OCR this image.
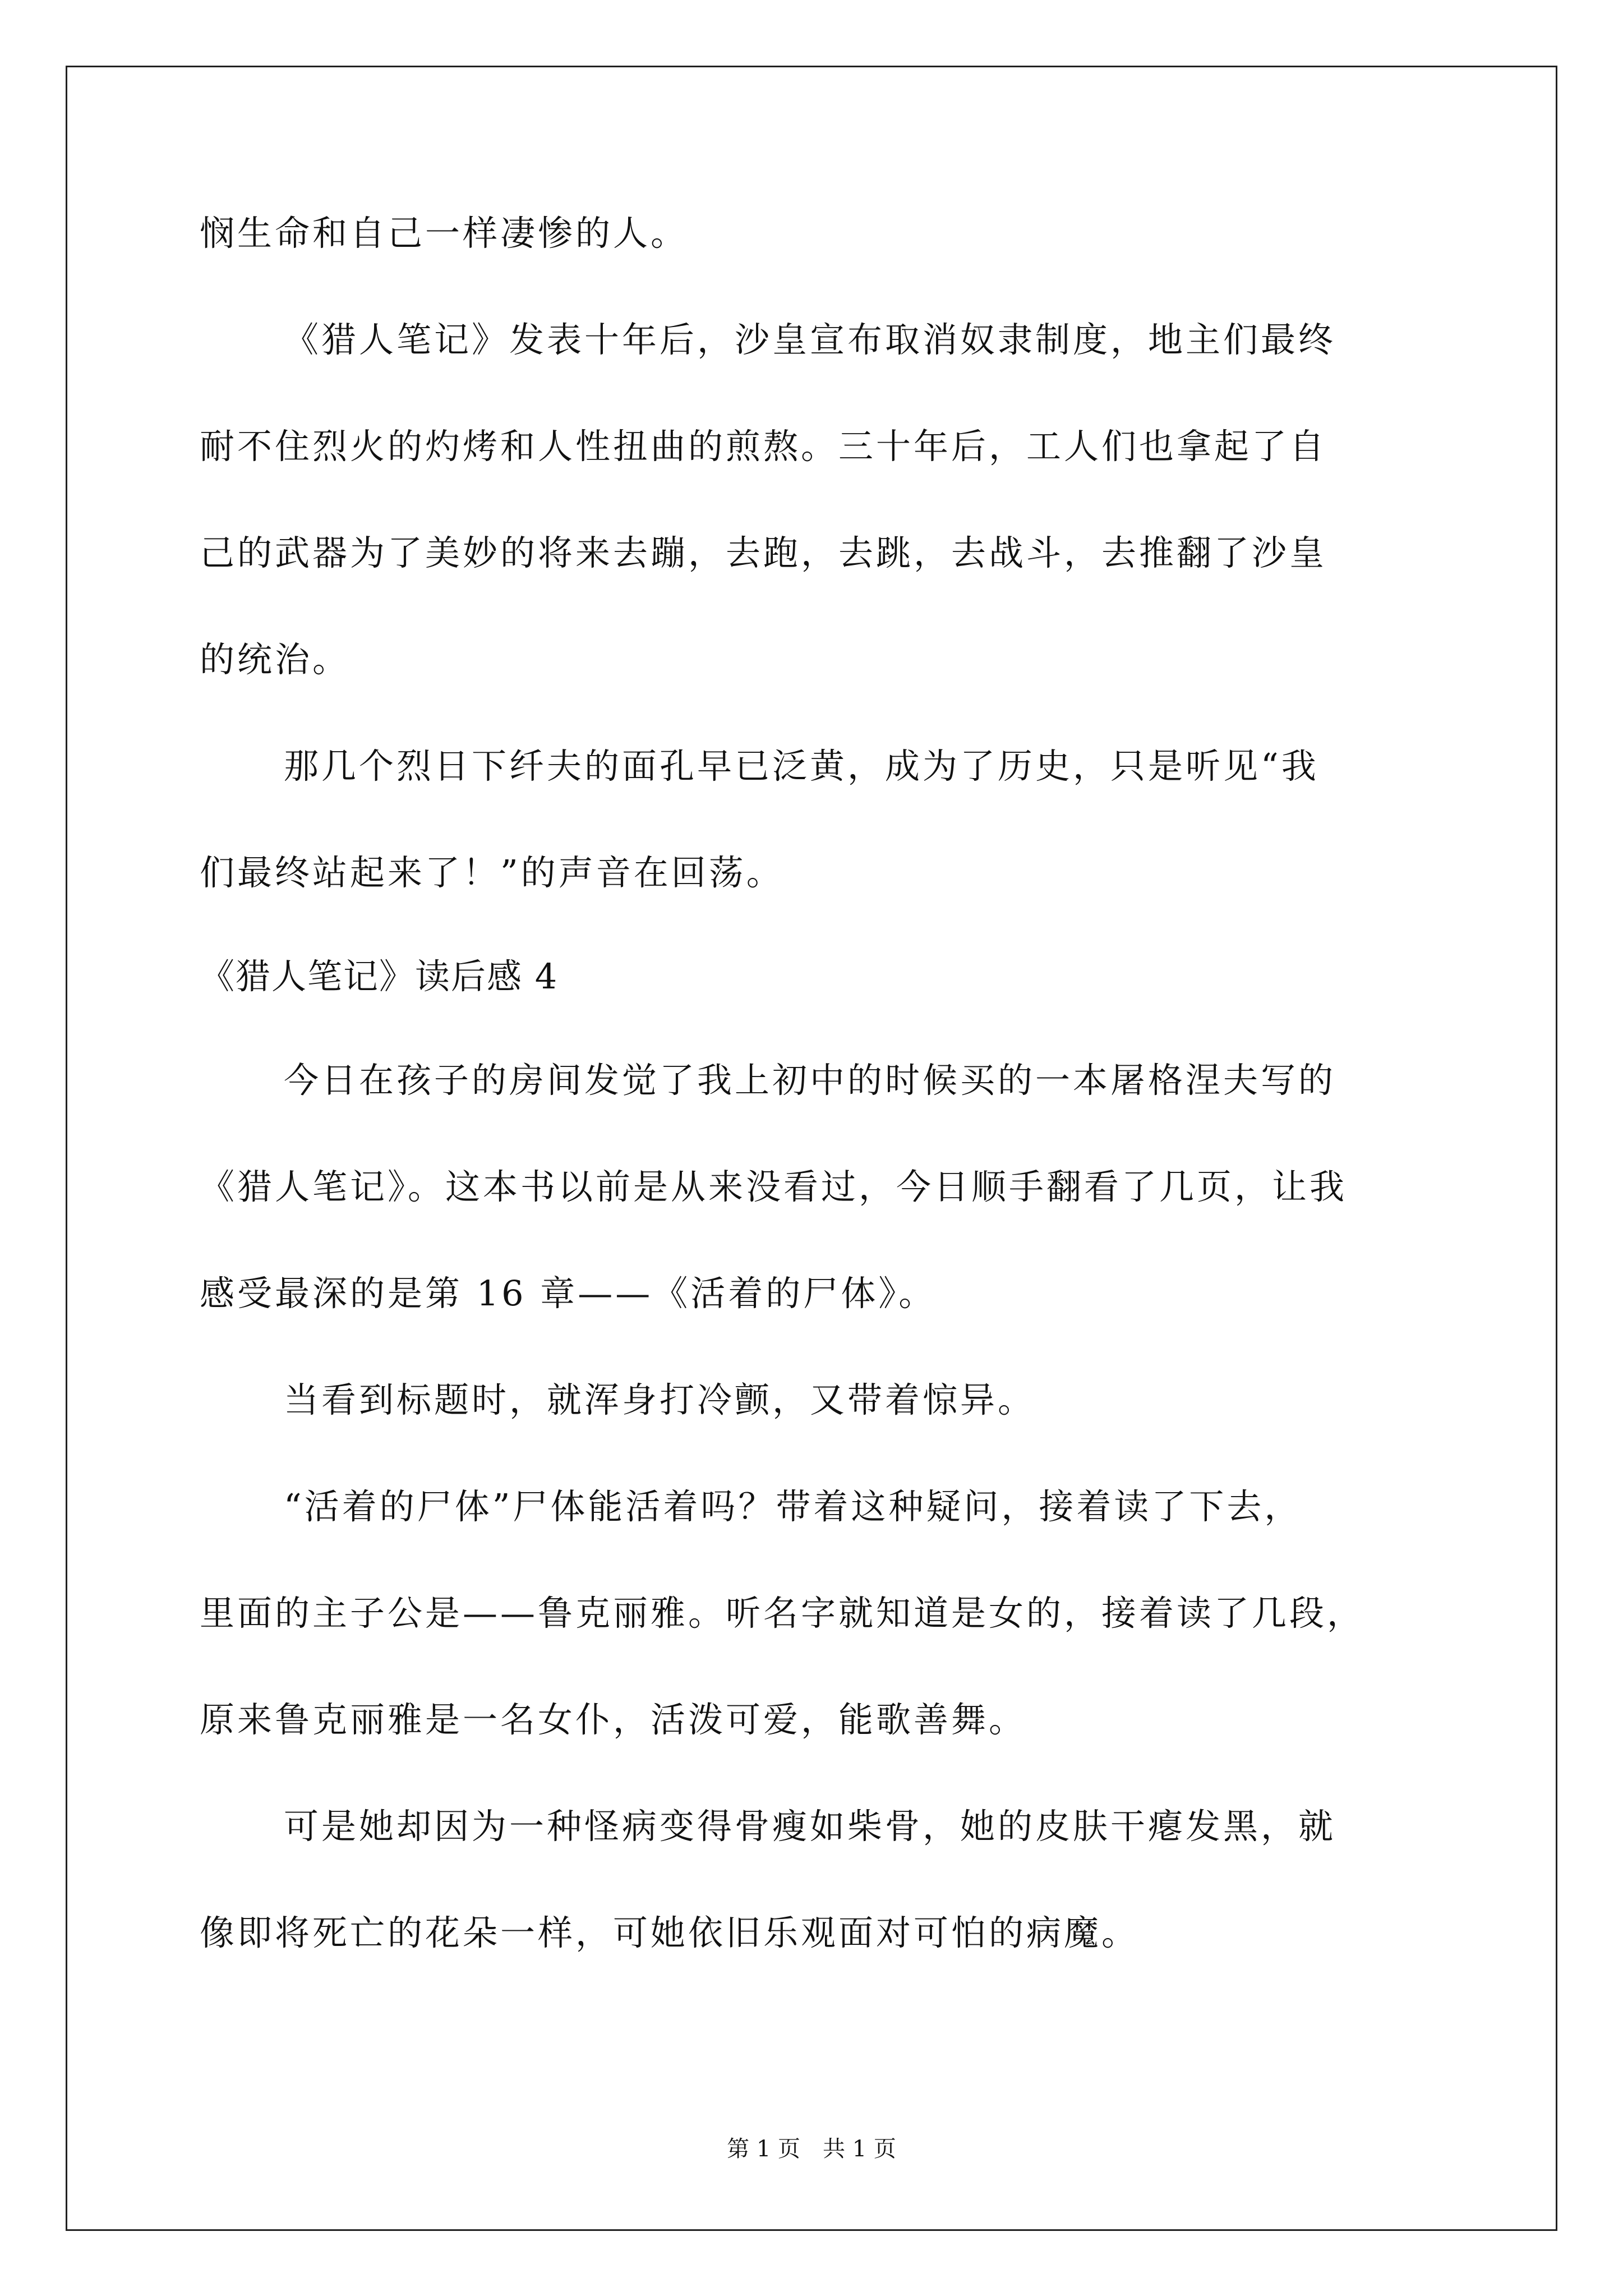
悯生命和自己一样凄惨的人。

《猎人笔记》发表十年后，沙皇宣布取消奴隶制度，地主们最终

耐不住烈火的灼烤和人性扭曲的煎熬。三十年后，工人们也拿起了自

己的武器为了美妙的将来去蹦，去跑，去跳，去战斗，去推翻了沙皇

的统治。

那几个烈日下纤夫的面孔早已泛黄，成为了历史，只是听见“我

们最终站起来了！”的声音在回荡。

《猎人笔记》读后感 4

今日在孩子的房间发觉了我上初中的时候买的一本屠格涅夫写的

《猎人笔记》。这本书以前是从来没看过，今日顺手翻看了几页，让我

感受最深的是第 16 章——《活着的尸体》。

当看到标题时，就浑身打冷颤，又带着惊异。

“活着的尸体”尸体能活着吗？带着这种疑问，接着读了下去，

里面的主子公是——鲁克丽雅。听名字就知道是女的，接着读了几段，

原来鲁克丽雅是一名女仆，活泼可爱，能歌善舞。

可是她却因为一种怪病变得骨瘦如柴骨，她的皮肤干瘪发黑，就

像即将死亡的花朵一样，可她依旧乐观面对可怕的病魔。

第 1 页　共 1 页
